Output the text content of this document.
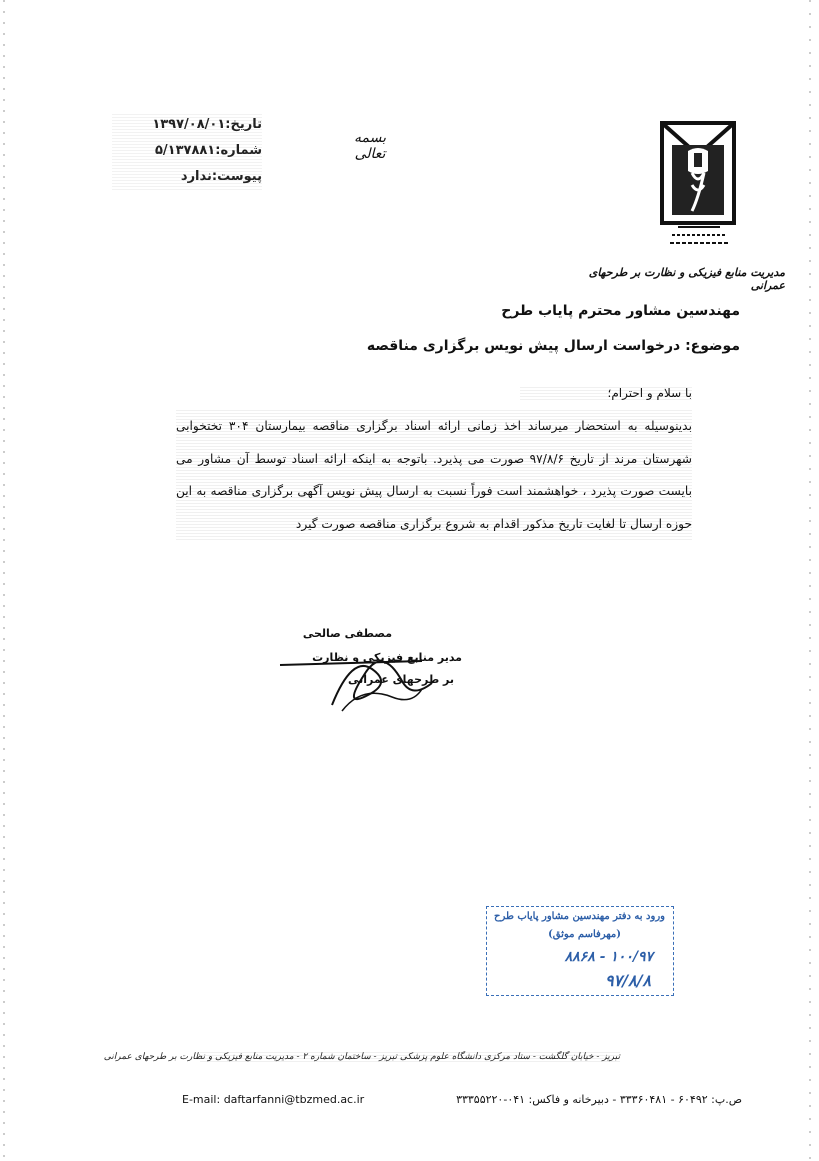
بسمه تعالی
تاریخ:۱۳۹۷/۰۸/۰۱
شماره:۵/۱۳۷۸۸۱
پیوست:ندارد
مدیریت منابع فیزیکی و نظارت بر طرحهای عمرانی
مهندسین مشاور محترم پایاب طرح
موضوع: درخواست ارسال پیش نویس برگزاری مناقصه
با سلام و احترام؛
بدینوسیله به استحضار میرساند اخذ زمانی ارائه اسناد برگزاری مناقصه بیمارستان ۳۰۴ تختخوابی شهرستان مرند از تاریخ ۹۷/۸/۶ صورت می پذیرد. باتوجه به اینکه ارائه اسناد توسط آن مشاور می بایست صورت پذیرد ، خواهشمند است فوراً نسبت به ارسال پیش نویس آگهی برگزاری مناقصه به این حوزه ارسال تا لغایت تاریخ مذکور اقدام به شروع برگزاری مناقصه صورت گیرد
مصطفی صالحی
مدیر منابع فیزیکی و نظارت
بر طرحهای عمرانی
ورود به دفتر مهندسین مشاور پایاب طرح
(مهرفاسم موثق)
۱۰۰/۹۷ - ۸۸۶۸
۹۷/۸/۸
تبریز - خیابان گلگشت - ستاد مرکزی دانشگاه علوم پزشکی تبریز - ساختمان شماره ۲ - مدیریت منابع فیزیکی و نظارت بر طرحهای عمرانی
E-mail: daftarfanni@tbzmed.ac.ir	ص.پ: ۶۰۴۹۲ - ۳۳۳۶۰۴۸۱ - دبیرخانه و فاکس: ۰۴۱-۳۳۳۵۵۲۲۰
